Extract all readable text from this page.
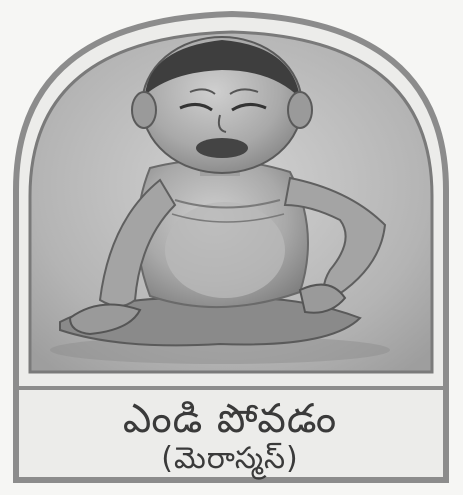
ఎండి పోవడం
(మెరాస్మస్)
